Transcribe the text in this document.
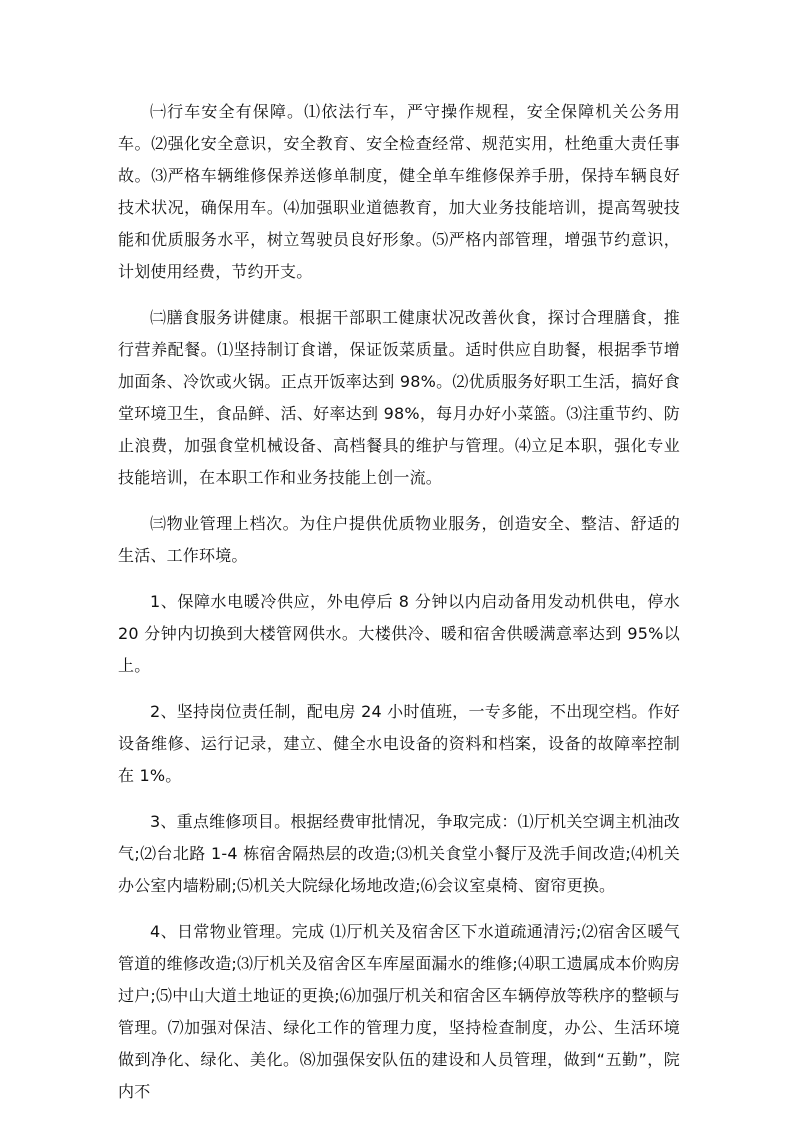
㈠行车安全有保障。⑴依法行车，严守操作规程，安全保障机关公务用车。⑵强化安全意识，安全教育、安全检查经常、规范实用，杜绝重大责任事故。⑶严格车辆维修保养送修单制度，健全单车维修保养手册，保持车辆良好技术状况，确保用车。⑷加强职业道德教育，加大业务技能培训，提高驾驶技能和优质服务水平，树立驾驶员良好形象。⑸严格内部管理，增强节约意识，计划使用经费，节约开支。

㈡膳食服务讲健康。根据干部职工健康状况改善伙食，探讨合理膳食，推行营养配餐。⑴坚持制订食谱，保证饭菜质量。适时供应自助餐，根据季节增加面条、冷饮或火锅。正点开饭率达到 98%。⑵优质服务好职工生活，搞好食堂环境卫生，食品鲜、活、好率达到 98%，每月办好小菜篮。⑶注重节约、防止浪费，加强食堂机械设备、高档餐具的维护与管理。⑷立足本职，强化专业技能培训，在本职工作和业务技能上创一流。

㈢物业管理上档次。为住户提供优质物业服务，创造安全、整洁、舒适的生活、工作环境。

1、保障水电暖冷供应，外电停后 8 分钟以内启动备用发动机供电，停水 20 分钟内切换到大楼管网供水。大楼供冷、暖和宿舍供暖满意率达到 95%以上。

2、坚持岗位责任制，配电房 24 小时值班，一专多能，不出现空档。作好设备维修、运行记录，建立、健全水电设备的资料和档案，设备的故障率控制在 1%。

3、重点维修项目。根据经费审批情况，争取完成：⑴厅机关空调主机油改气;⑵台北路 1-4 栋宿舍隔热层的改造;⑶机关食堂小餐厅及洗手间改造;⑷机关办公室内墙粉刷;⑸机关大院绿化场地改造;⑹会议室桌椅、窗帘更换。

4、日常物业管理。完成 ⑴厅机关及宿舍区下水道疏通清污;⑵宿舍区暖气管道的维修改造;⑶厅机关及宿舍区车库屋面漏水的维修;⑷职工遗属成本价购房过户;⑸中山大道土地证的更换;⑹加强厅机关和宿舍区车辆停放等秩序的整顿与管理。⑺加强对保洁、绿化工作的管理力度，坚持检查制度，办公、生活环境做到净化、绿化、美化。⑻加强保安队伍的建设和人员管理，做到“五勤”，院内不
